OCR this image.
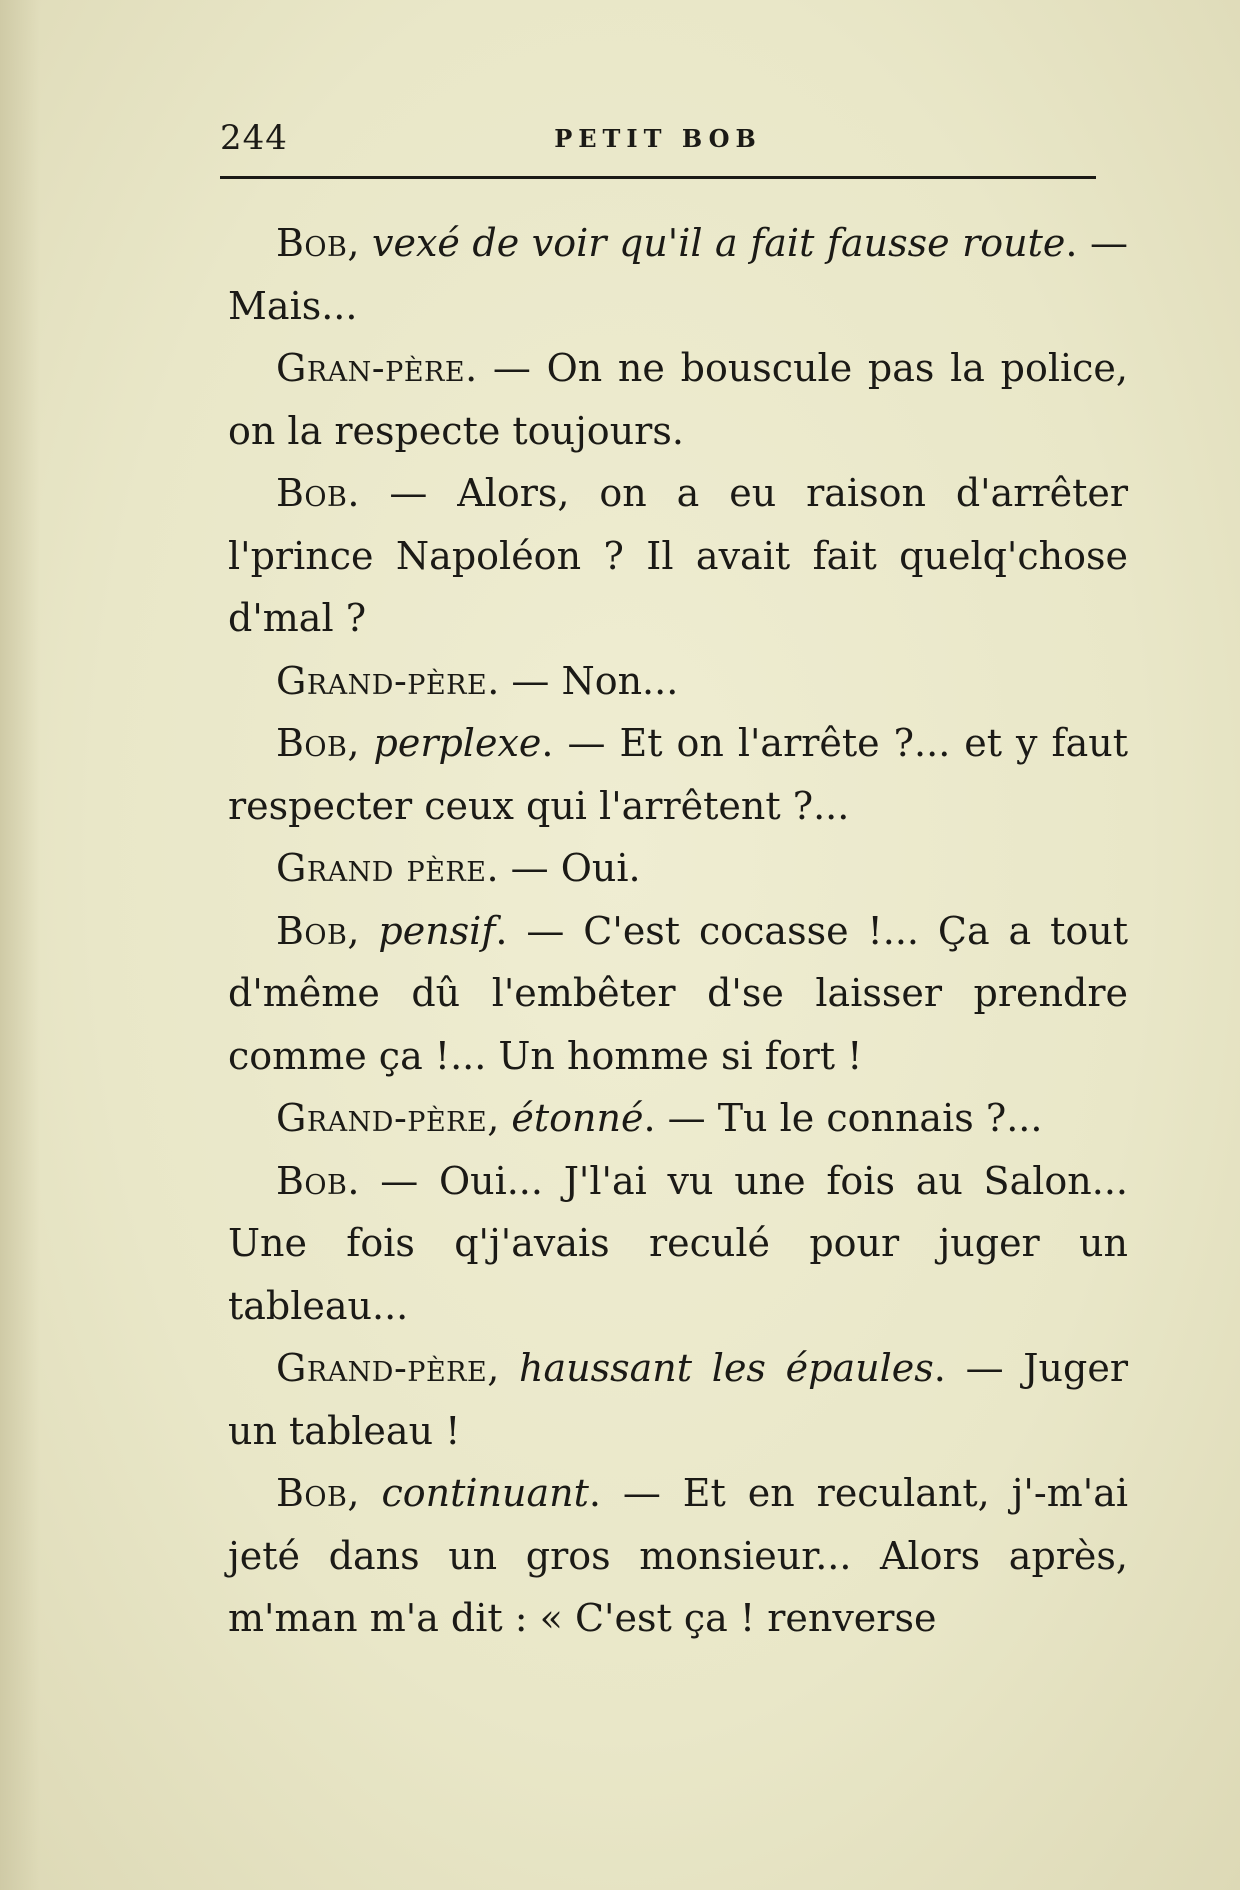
244	PETIT BOB

Bob, vexé de voir qu'il a fait fausse route. — Mais...

Gran-père. — On ne bouscule pas la police, on la respecte toujours.

Bob. — Alors, on a eu raison d'arrêter l'prince Napoléon ? Il avait fait quelq'chose d'mal ?

Grand-père. — Non...

Bob, perplexe. — Et on l'arrête ?... et y faut respecter ceux qui l'arrêtent ?...

Grand père. — Oui.

Bob, pensif. — C'est cocasse !... Ça a tout d'même dû l'embêter d'se laisser prendre comme ça !... Un homme si fort !

Grand-père, étonné. — Tu le connais ?...

Bob. — Oui... J'l'ai vu une fois au Salon... Une fois q'j'avais reculé pour juger un tableau...

Grand-père, haussant les épaules. — Juger un tableau !

Bob, continuant. — Et en reculant, j'-m'ai jeté dans un gros monsieur... Alors après, m'man m'a dit : « C'est ça ! renverse
